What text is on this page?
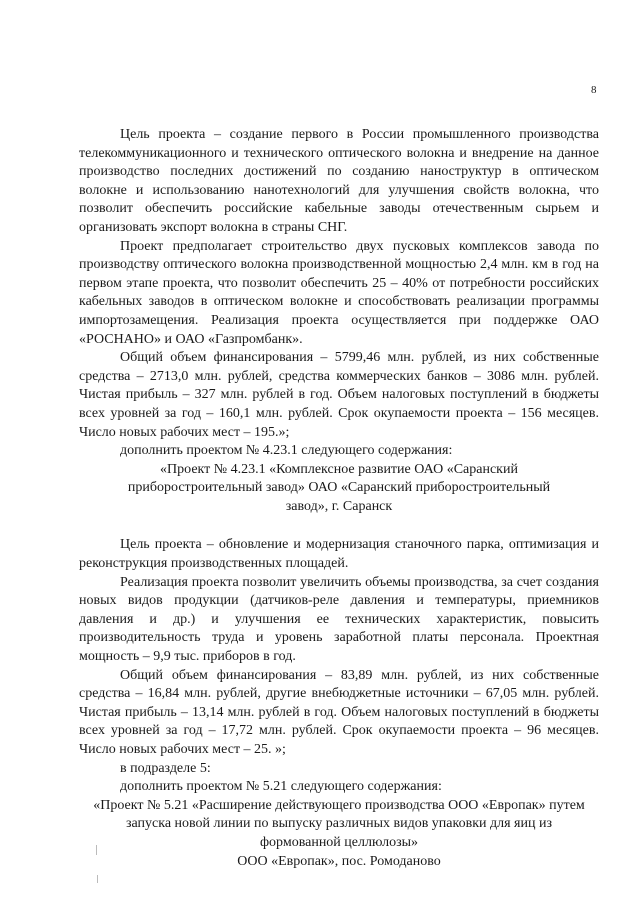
8

Цель проекта – создание первого в России промышленного производства телекоммуникационного и технического оптического волокна и внедрение на данное производство последних достижений по созданию наноструктур в оптическом волокне и использованию нанотехнологий для улучшения свойств волокна, что позволит обеспечить российские кабельные заводы отечественным сырьем и организовать экспорт волокна в страны СНГ.

Проект предполагает строительство двух пусковых комплексов завода по производству оптического волокна производственной мощностью 2,4 млн. км в год на первом этапе проекта, что позволит обеспечить 25 – 40% от потребности российских кабельных заводов в оптическом волокне и способствовать реализации программы импортозамещения. Реализация проекта осуществляется при поддержке ОАО «РОСНАНО» и ОАО «Газпромбанк».

Общий объем финансирования – 5799,46 млн. рублей, из них собственные средства – 2713,0 млн. рублей, средства коммерческих банков – 3086 млн. рублей. Чистая прибыль – 327 млн. рублей в год. Объем налоговых поступлений в бюджеты всех уровней за год – 160,1 млн. рублей. Срок окупаемости проекта – 156 месяцев. Число новых рабочих мест – 195.»;

дополнить проектом № 4.23.1 следующего содержания:

«Проект № 4.23.1 «Комплексное развитие ОАО «Саранский приборостроительный завод» ОАО «Саранский приборостроительный завод», г. Саранск

Цель проекта – обновление и модернизация станочного парка, оптимизация и реконструкция производственных площадей.

Реализация проекта позволит увеличить объемы производства, за счет создания новых видов продукции (датчиков-реле давления и температуры, приемников давления и др.) и улучшения ее технических характеристик, повысить производительность труда и уровень заработной платы персонала. Проектная мощность – 9,9 тыс. приборов в год.

Общий объем финансирования – 83,89 млн. рублей, из них собственные средства – 16,84 млн. рублей, другие внебюджетные источники – 67,05 млн. рублей. Чистая прибыль – 13,14 млн. рублей в год. Объем налоговых поступлений в бюджеты всех уровней за год – 17,72 млн. рублей. Срок окупаемости проекта – 96 месяцев. Число новых рабочих мест – 25. »;

в подразделе 5:

дополнить проектом № 5.21 следующего содержания:

«Проект № 5.21 «Расширение действующего производства ООО «Европак» путем запуска новой линии по выпуску различных видов упаковки для яиц из формованной целлюлозы»

ООО «Европак», пос. Ромоданово
